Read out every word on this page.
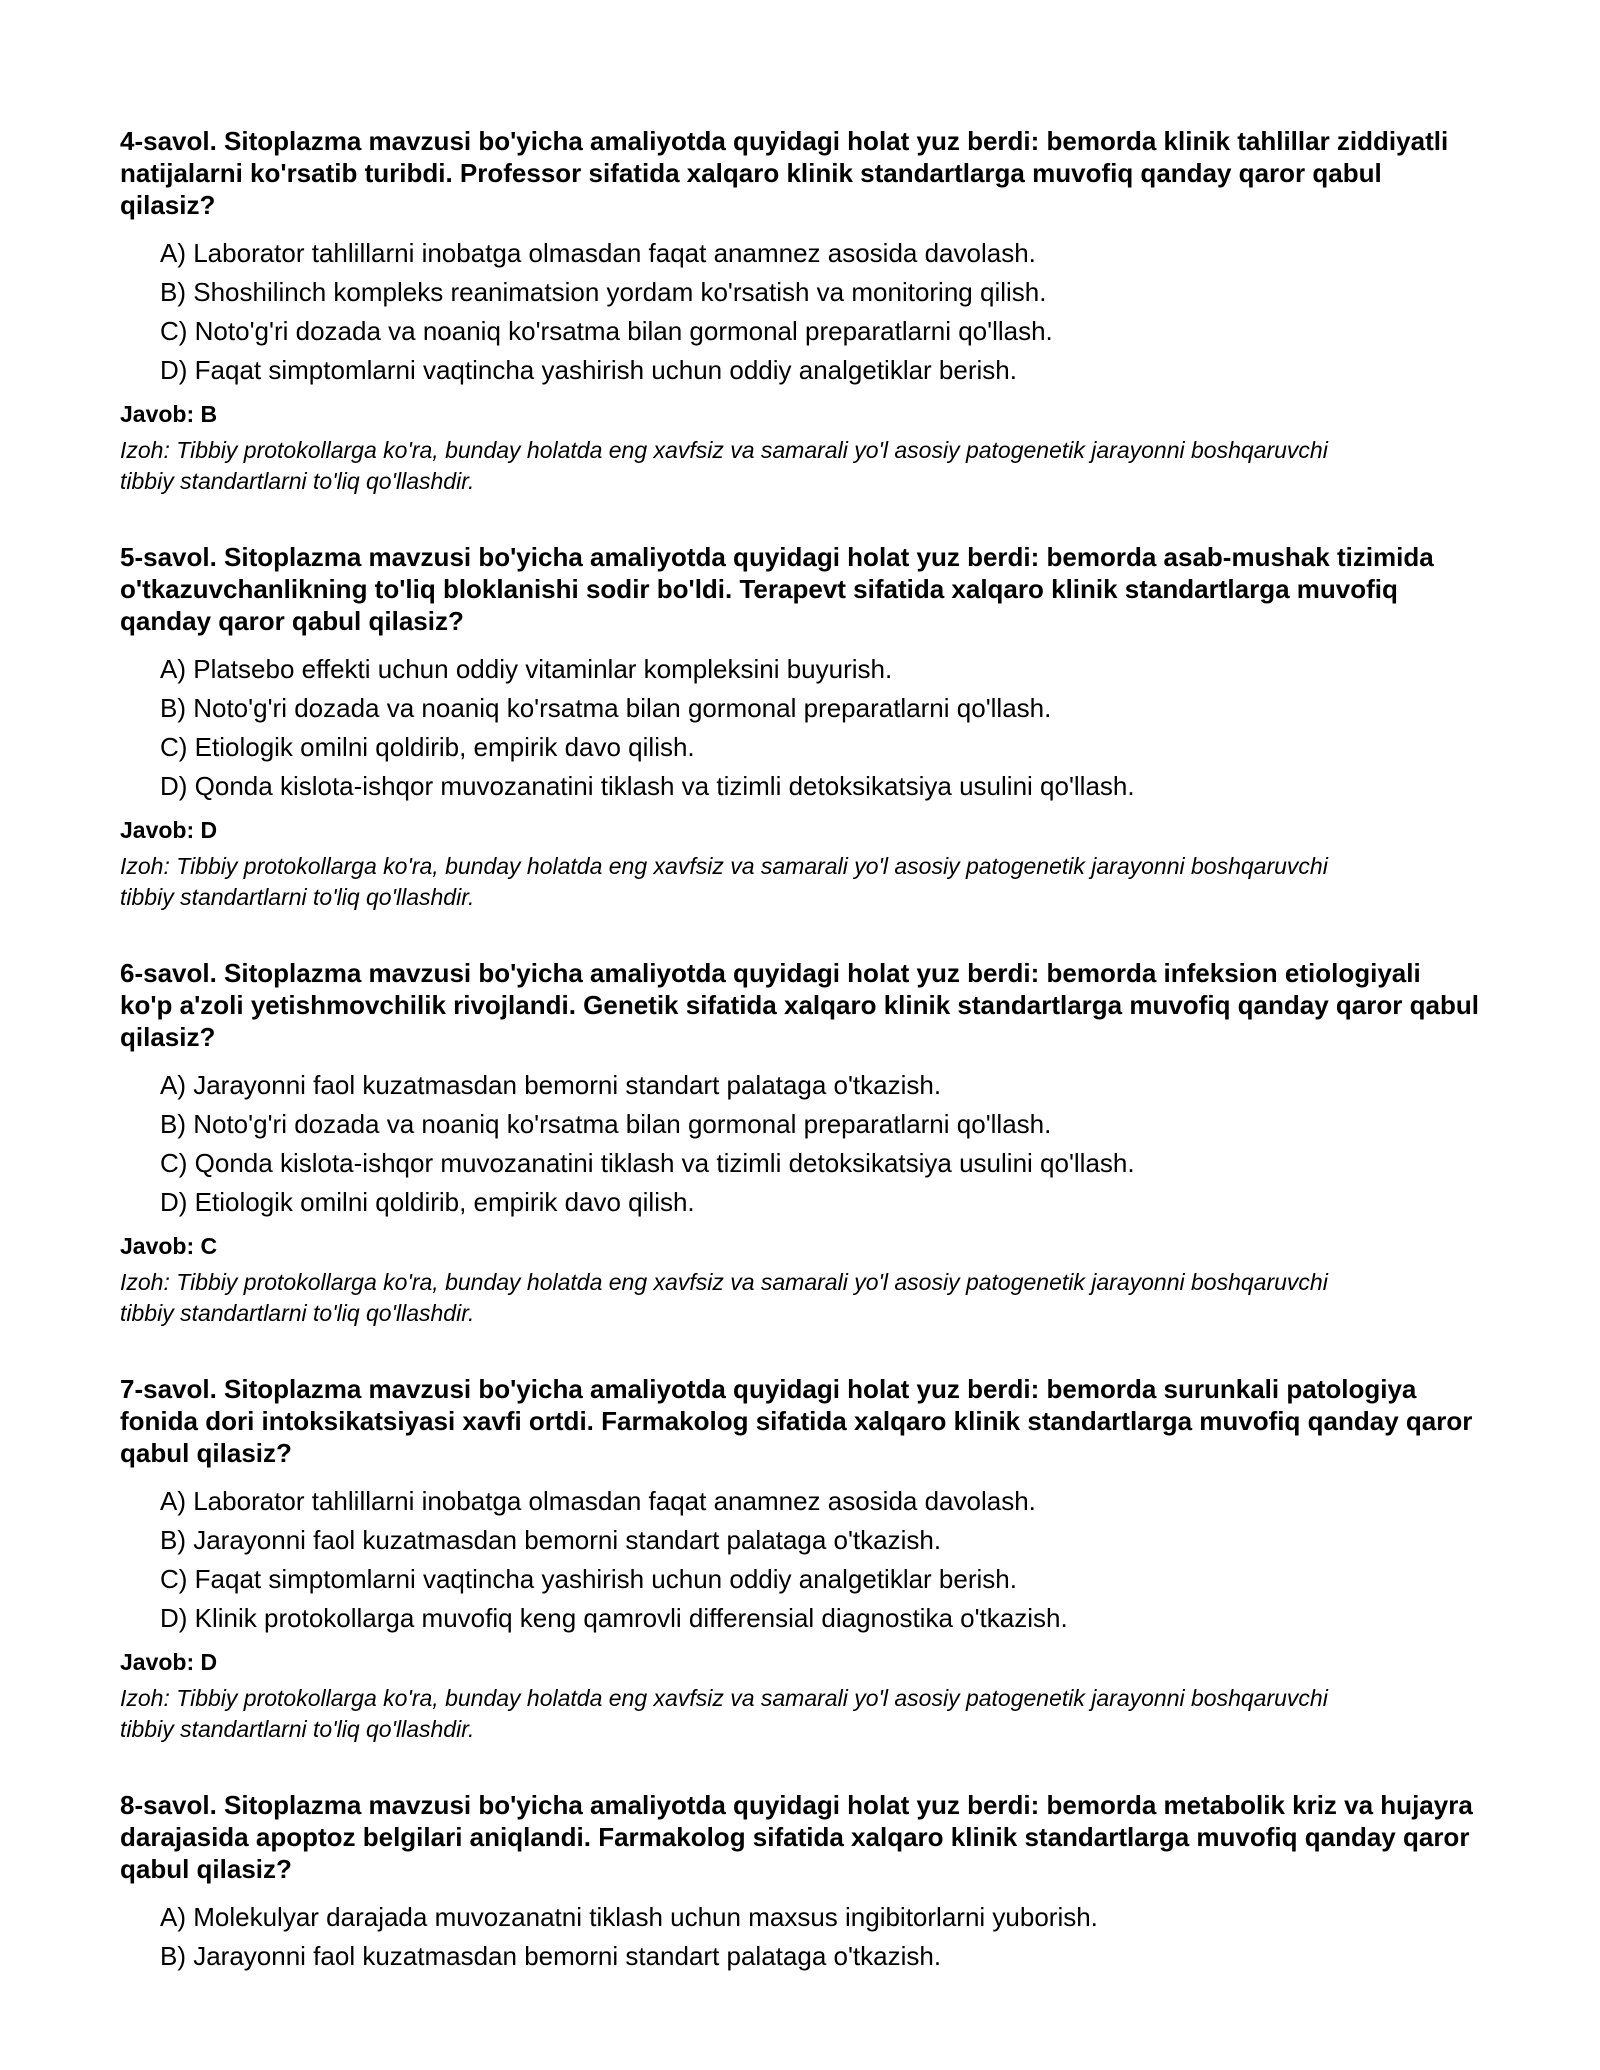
4-savol. Sitoplazma mavzusi bo'yicha amaliyotda quyidagi holat yuz berdi: bemorda klinik tahlillar ziddiyatli natijalarni ko'rsatib turibdi. Professor sifatida xalqaro klinik standartlarga muvofiq qanday qaror qabul qilasiz?
A) Laborator tahlillarni inobatga olmasdan faqat anamnez asosida davolash.
B) Shoshilinch kompleks reanimatsion yordam ko'rsatish va monitoring qilish.
C) Noto'g'ri dozada va noaniq ko'rsatma bilan gormonal preparatlarni qo'llash.
D) Faqat simptomlarni vaqtincha yashirish uchun oddiy analgetiklar berish.
Javob: B
Izoh: Tibbiy protokollarga ko'ra, bunday holatda eng xavfsiz va samarali yo'l asosiy patogenetik jarayonni boshqaruvchi tibbiy standartlarni to'liq qo'llashdir.
5-savol. Sitoplazma mavzusi bo'yicha amaliyotda quyidagi holat yuz berdi: bemorda asab-mushak tizimida o'tkazuvchanlikning to'liq bloklanishi sodir bo'ldi. Terapevt sifatida xalqaro klinik standartlarga muvofiq qanday qaror qabul qilasiz?
A) Platsebo effekti uchun oddiy vitaminlar kompleksini buyurish.
B) Noto'g'ri dozada va noaniq ko'rsatma bilan gormonal preparatlarni qo'llash.
C) Etiologik omilni qoldirib, empirik davo qilish.
D) Qonda kislota-ishqor muvozanatini tiklash va tizimli detoksikatsiya usulini qo'llash.
Javob: D
Izoh: Tibbiy protokollarga ko'ra, bunday holatda eng xavfsiz va samarali yo'l asosiy patogenetik jarayonni boshqaruvchi tibbiy standartlarni to'liq qo'llashdir.
6-savol. Sitoplazma mavzusi bo'yicha amaliyotda quyidagi holat yuz berdi: bemorda infeksion etiologiyali ko'p a'zoli yetishmovchilik rivojlandi. Genetik sifatida xalqaro klinik standartlarga muvofiq qanday qaror qabul qilasiz?
A) Jarayonni faol kuzatmasdan bemorni standart palataga o'tkazish.
B) Noto'g'ri dozada va noaniq ko'rsatma bilan gormonal preparatlarni qo'llash.
C) Qonda kislota-ishqor muvozanatini tiklash va tizimli detoksikatsiya usulini qo'llash.
D) Etiologik omilni qoldirib, empirik davo qilish.
Javob: C
Izoh: Tibbiy protokollarga ko'ra, bunday holatda eng xavfsiz va samarali yo'l asosiy patogenetik jarayonni boshqaruvchi tibbiy standartlarni to'liq qo'llashdir.
7-savol. Sitoplazma mavzusi bo'yicha amaliyotda quyidagi holat yuz berdi: bemorda surunkali patologiya fonida dori intoksikatsiyasi xavfi ortdi. Farmakolog sifatida xalqaro klinik standartlarga muvofiq qanday qaror qabul qilasiz?
A) Laborator tahlillarni inobatga olmasdan faqat anamnez asosida davolash.
B) Jarayonni faol kuzatmasdan bemorni standart palataga o'tkazish.
C) Faqat simptomlarni vaqtincha yashirish uchun oddiy analgetiklar berish.
D) Klinik protokollarga muvofiq keng qamrovli differensial diagnostika o'tkazish.
Javob: D
Izoh: Tibbiy protokollarga ko'ra, bunday holatda eng xavfsiz va samarali yo'l asosiy patogenetik jarayonni boshqaruvchi tibbiy standartlarni to'liq qo'llashdir.
8-savol. Sitoplazma mavzusi bo'yicha amaliyotda quyidagi holat yuz berdi: bemorda metabolik kriz va hujayra darajasida apoptoz belgilari aniqlandi. Farmakolog sifatida xalqaro klinik standartlarga muvofiq qanday qaror qabul qilasiz?
A) Molekulyar darajada muvozanatni tiklash uchun maxsus ingibitorlarni yuborish.
B) Jarayonni faol kuzatmasdan bemorni standart palataga o'tkazish.
